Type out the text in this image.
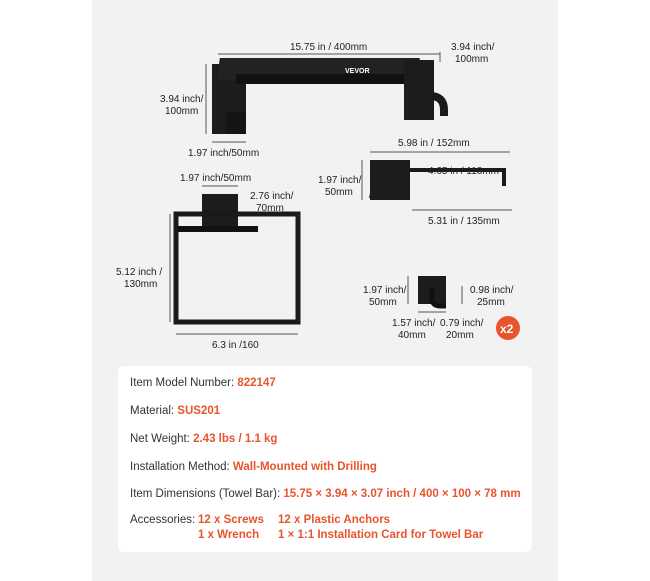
VEVOR
15.75 in / 400mm	3.94 inch/
100mm
3.94 inch/
100mm
1.97 inch/50mm
1.97 inch/50mm
2.76 inch/
70mm
5.12 inch /
130mm
6.3 in /160
5.98 in / 152mm
1.97 inch/
50mm
4.65 in / 118mm
5.31 in / 135mm
1.97 inch/
50mm
0.98 inch/
25mm
1.57 inch/
40mm
0.79 inch/
20mm x2
Item Model Number: 822147
Material: SUS201
Net Weight: 2.43 lbs / 1.1 kg
Installation Method: Wall-Mounted with Drilling
Item Dimensions (Towel Bar): 15.75 × 3.94 × 3.07 inch / 400 × 100 × 78 mm
Accessories: 12 x Screws 12 x Plastic Anchors
1 x Wrench 1 × 1:1 Installation Card for Towel Bar
